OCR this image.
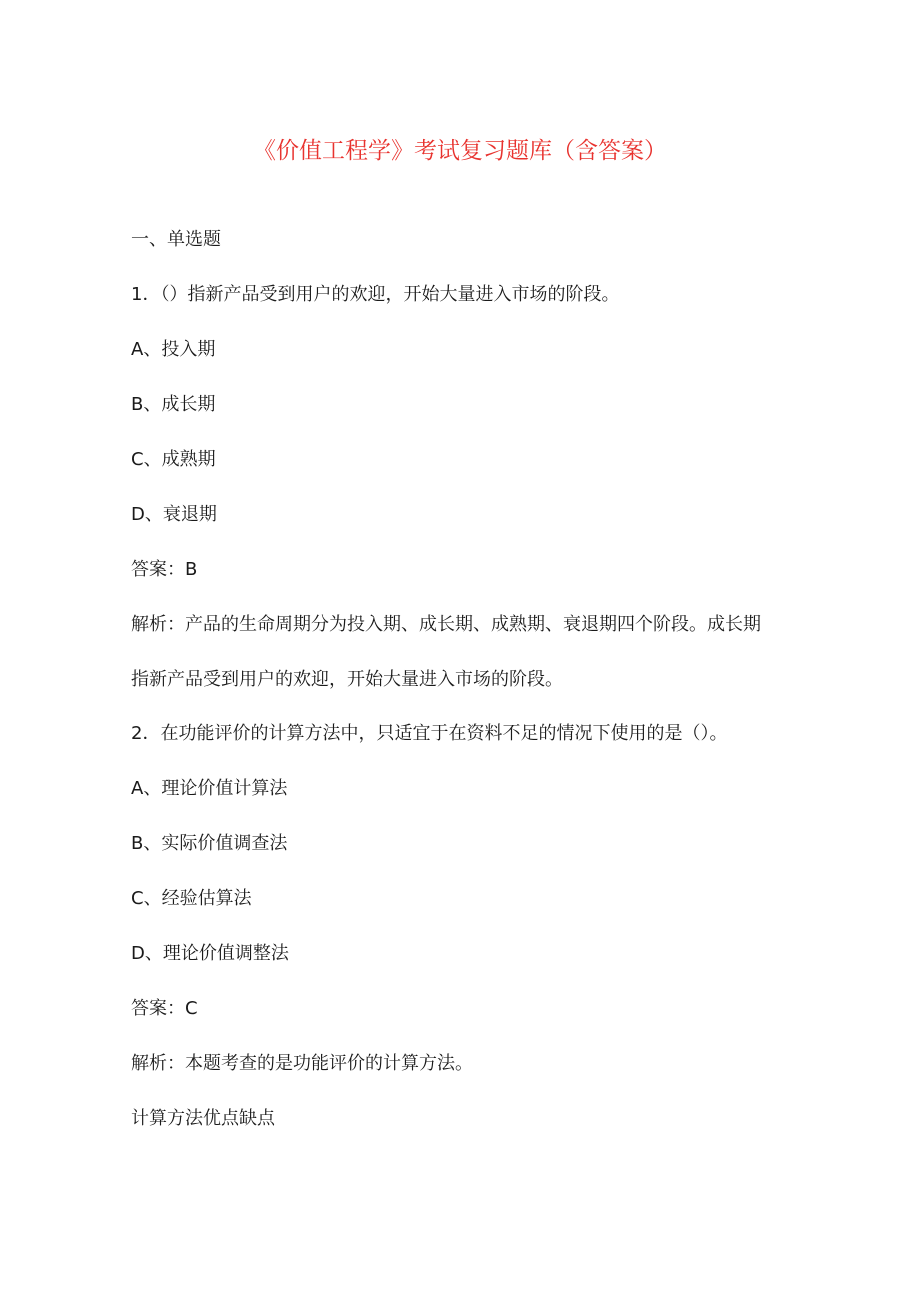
《价值工程学》考试复习题库（含答案）
一、单选题
1．（）指新产品受到用户的欢迎，开始大量进入市场的阶段。
A、投入期
B、成长期
C、成熟期
D、衰退期
答案：B
解析：产品的生命周期分为投入期、成长期、成熟期、衰退期四个阶段。成长期
指新产品受到用户的欢迎，开始大量进入市场的阶段。
2．在功能评价的计算方法中，只适宜于在资料不足的情况下使用的是（）。
A、理论价值计算法
B、实际价值调查法
C、经验估算法
D、理论价值调整法
答案：C
解析：本题考查的是功能评价的计算方法。
计算方法优点缺点
